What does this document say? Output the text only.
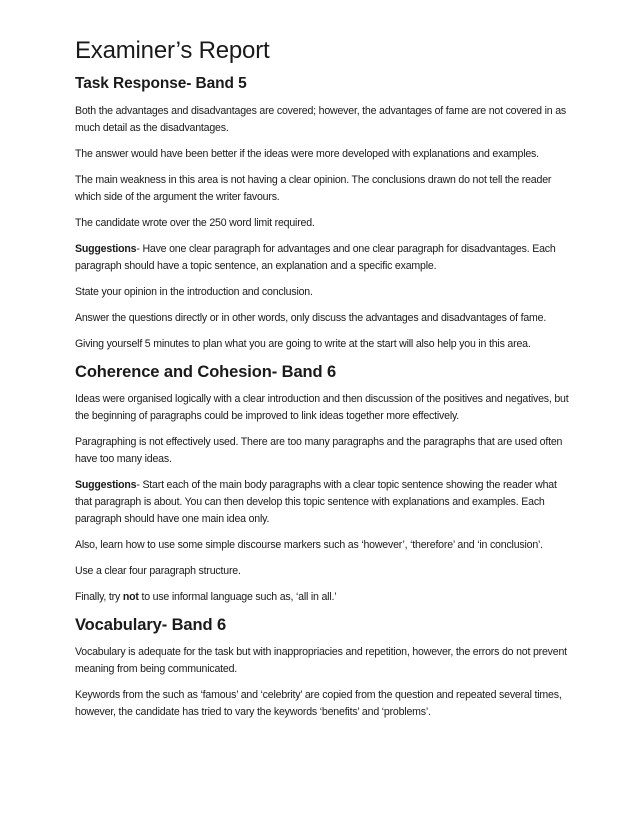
Examiner’s Report
Task Response- Band 5

Both the advantages and disadvantages are covered; however, the advantages of fame are not covered in as much detail as the disadvantages.

The answer would have been better if the ideas were more developed with explanations and examples.

The main weakness in this area is not having a clear opinion. The conclusions drawn do not tell the reader which side of the argument the writer favours.

The candidate wrote over the 250 word limit required.

Suggestions- Have one clear paragraph for advantages and one clear paragraph for disadvantages. Each paragraph should have a topic sentence, an explanation and a specific example.

State your opinion in the introduction and conclusion.

Answer the questions directly or in other words, only discuss the advantages and disadvantages of fame.

Giving yourself 5 minutes to plan what you are going to write at the start will also help you in this area.

Coherence and Cohesion- Band 6

Ideas were organised logically with a clear introduction and then discussion of the positives and negatives, but the beginning of paragraphs could be improved to link ideas together more effectively.

Paragraphing is not effectively used. There are too many paragraphs and the paragraphs that are used often have too many ideas.

Suggestions- Start each of the main body paragraphs with a clear topic sentence showing the reader what that paragraph is about. You can then develop this topic sentence with explanations and examples. Each paragraph should have one main idea only.

Also, learn how to use some simple discourse markers such as ‘however’, ‘therefore’ and ‘in conclusion’.

Use a clear four paragraph structure.

Finally, try not to use informal language such as, ‘all in all.’

Vocabulary- Band 6

Vocabulary is adequate for the task but with inappropriacies and repetition, however, the errors do not prevent meaning from being communicated.

Keywords from the such as ‘famous’ and ‘celebrity’ are copied from the question and repeated several times, however, the candidate has tried to vary the keywords ‘benefits’ and ‘problems’.
